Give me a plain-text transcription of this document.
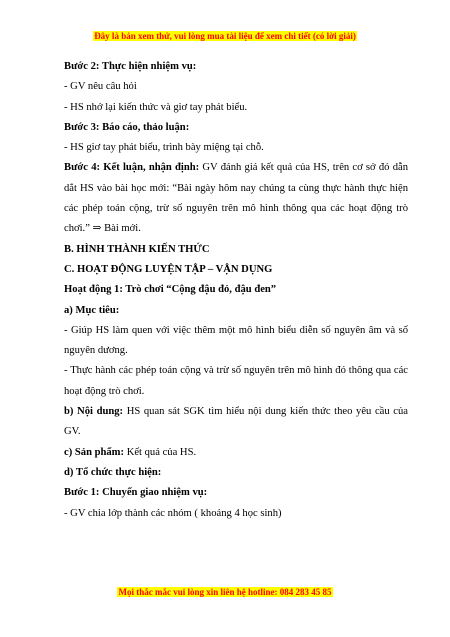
Đây là bản xem thử, vui lòng mua tài liệu để xem chi tiết (có lời giải)

Bước 2: Thực hiện nhiệm vụ:

- GV nêu câu hỏi

- HS nhớ lại kiến thức và giơ tay phát biểu.

Bước 3: Báo cáo, thảo luận:

- HS giơ tay phát biểu, trình bày miệng tại chỗ.

Bước 4: Kết luận, nhận định: GV đánh giá kết quả của HS, trên cơ sở đó dẫn dắt HS vào bài học mới: “Bài ngày hôm nay chúng ta cùng thực hành thực hiện các phép toán cộng, trừ số nguyên trên mô hình thông qua các hoạt động trò chơi.” ⇒ Bài mới.

B. HÌNH THÀNH KIẾN THỨC

C. HOẠT ĐỘNG LUYỆN TẬP – VẬN DỤNG

Hoạt động 1: Trò chơi “Cộng đậu đỏ, đậu đen”

a) Mục tiêu:

- Giúp HS làm quen với việc thêm một mô hình biểu diễn số nguyên âm và số nguyên dương.

- Thực hành các phép toán cộng và trừ số nguyên trên mô hình đó thông qua các hoạt động trò chơi.

b) Nội dung: HS quan sát SGK tìm hiểu nội dung kiến thức theo yêu cầu của GV.

c) Sản phẩm: Kết quả của HS.

d) Tổ chức thực hiện:

Bước 1: Chuyển giao nhiệm vụ:

- GV chia lớp thành các nhóm ( khoảng 4 học sinh)

Mọi thắc mắc vui lòng xin liên hệ hotline: 084 283 45 85
